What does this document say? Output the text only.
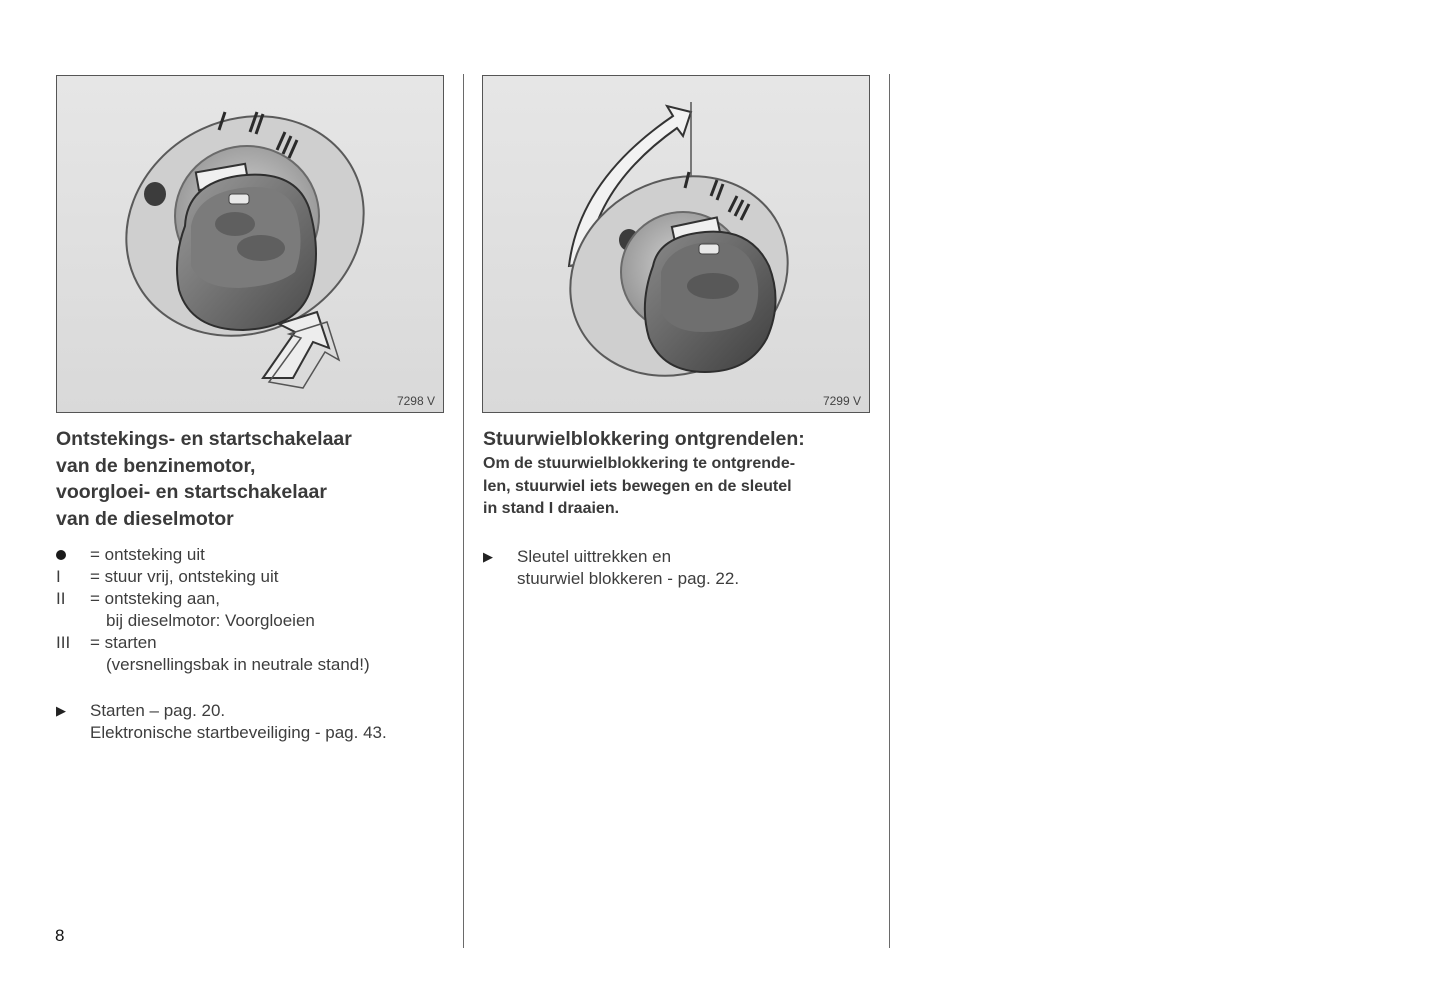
7298 V	7299 V
Ontstekings- en startschakelaar
van de benzinemotor,
voorgloei- en startschakelaar
van de dieselmotor
= ontsteking uit
I	= stuur vrij, ontsteking uit
II	= ontsteking aan,
bij dieselmotor: Voorgloeien
III	= starten
(versnellingsbak in neutrale stand!)
▶	Starten – pag. 20.
Elektronische startbeveiliging - pag. 43.
Stuurwielblokkering ontgrendelen:
Om de stuurwielblokkering te ontgrende-
len, stuurwiel iets bewegen en de sleutel
in stand I draaien.
▶	Sleutel uittrekken en
stuurwiel blokkeren - pag. 22.
8
